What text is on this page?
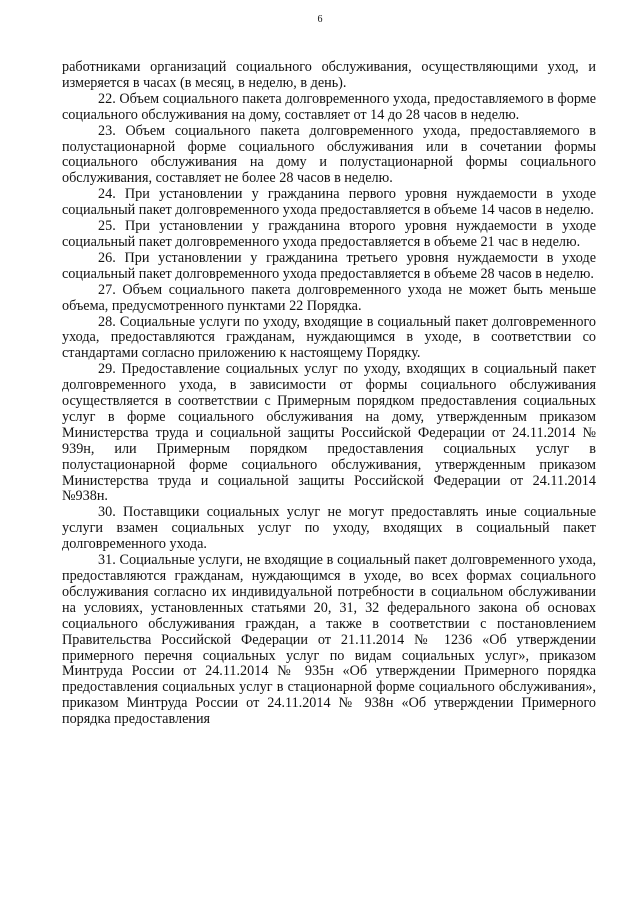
6

работниками организаций социального обслуживания, осуществляющими уход, и измеряется в часах (в месяц, в неделю, в день).

22. Объем социального пакета долговременного ухода, предоставляемого в форме социального обслуживания на дому, составляет от 14 до 28 часов в неделю.

23. Объем социального пакета долговременного ухода, предоставляемого в полустационарной форме социального обслуживания или в сочетании формы социального обслуживания на дому и полустационарной формы социального обслуживания, составляет не более 28 часов в неделю.

24. При установлении у гражданина первого уровня нуждаемости в уходе социальный пакет долговременного ухода предоставляется в объеме 14 часов в неделю.

25. При установлении у гражданина второго уровня нуждаемости в уходе социальный пакет долговременного ухода предоставляется в объеме 21 час в неделю.

26. При установлении у гражданина третьего уровня нуждаемости в уходе социальный пакет долговременного ухода предоставляется в объеме 28 часов в неделю.

27. Объем социального пакета долговременного ухода не может быть меньше объема, предусмотренного пунктами 22 Порядка.

28. Социальные услуги по уходу, входящие в социальный пакет долговременного ухода, предоставляются гражданам, нуждающимся в уходе, в соответствии со стандартами согласно приложению к настоящему Порядку.

29. Предоставление социальных услуг по уходу, входящих в социальный пакет долговременного ухода, в зависимости от формы социального обслуживания осуществляется в соответствии с Примерным порядком предоставления социальных услуг в форме социального обслуживания на дому, утвержденным приказом Министерства труда и социальной защиты Российской Федерации от 24.11.2014 № 939н, или Примерным порядком предоставления социальных услуг в полустационарной форме социального обслуживания, утвержденным приказом Министерства труда и социальной защиты Российской Федерации от 24.11.2014 №938н.

30. Поставщики социальных услуг не могут предоставлять иные социальные услуги взамен социальных услуг по уходу, входящих в социальный пакет долговременного ухода.

31. Социальные услуги, не входящие в социальный пакет долговременного ухода, предоставляются гражданам, нуждающимся в уходе, во всех формах социального обслуживания согласно их индивидуальной потребности в социальном обслуживании на условиях, установленных статьями 20, 31, 32 федерального закона об основах социального обслуживания граждан, а также в соответствии с постановлением Правительства Российской Федерации от 21.11.2014 № 1236 «Об утверждении примерного перечня социальных услуг по видам социальных услуг», приказом Минтруда России от 24.11.2014 № 935н «Об утверждении Примерного порядка предоставления социальных услуг в стационарной форме социального обслуживания», приказом Минтруда России от 24.11.2014 № 938н «Об утверждении Примерного порядка предоставления
